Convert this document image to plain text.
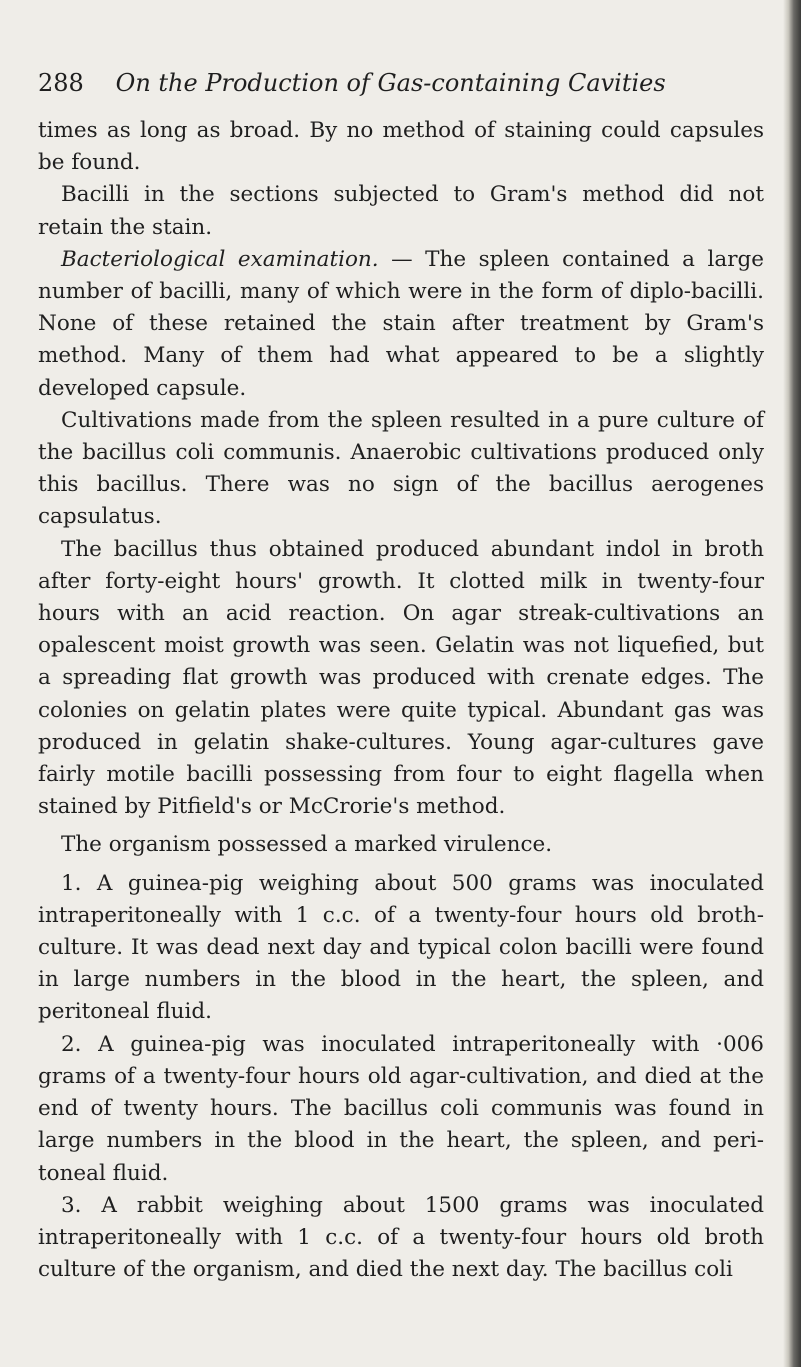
288 On the Production of Gas-containing Cavities

times as long as broad. By no method of staining could capsules be found.

Bacilli in the sections subjected to Gram's method did not retain the stain.

Bacteriological examination. — The spleen contained a large number of bacilli, many of which were in the form of diplo-bacilli. None of these retained the stain after treatment by Gram's method. Many of them had what appeared to be a slightly developed capsule.

Cultivations made from the spleen resulted in a pure culture of the bacillus coli communis. Anaerobic cultivations produced only this bacillus. There was no sign of the bacillus aerogenes capsulatus.

The bacillus thus obtained produced abundant indol in broth after forty-eight hours' growth. It clotted milk in twenty-four hours with an acid reaction. On agar streak-cultivations an opalescent moist growth was seen. Gelatin was not liquefied, but a spreading flat growth was produced with crenate edges. The colonies on gelatin plates were quite typical. Abundant gas was produced in gelatin shake-cultures. Young agar-cultures gave fairly motile bacilli possessing from four to eight flagella when stained by Pitfield's or McCrorie's method.

The organism possessed a marked virulence.

1. A guinea-pig weighing about 500 grams was inoculated intraperitoneally with 1 c.c. of a twenty-four hours old broth-culture. It was dead next day and typical colon bacilli were found in large numbers in the blood in the heart, the spleen, and peritoneal fluid.

2. A guinea-pig was inoculated intraperitoneally with ·006 grams of a twenty-four hours old agar-cultivation, and died at the end of twenty hours. The bacillus coli communis was found in large numbers in the blood in the heart, the spleen, and peri-toneal fluid.

3. A rabbit weighing about 1500 grams was inoculated intraperitoneally with 1 c.c. of a twenty-four hours old broth culture of the organism, and died the next day. The bacillus coli
